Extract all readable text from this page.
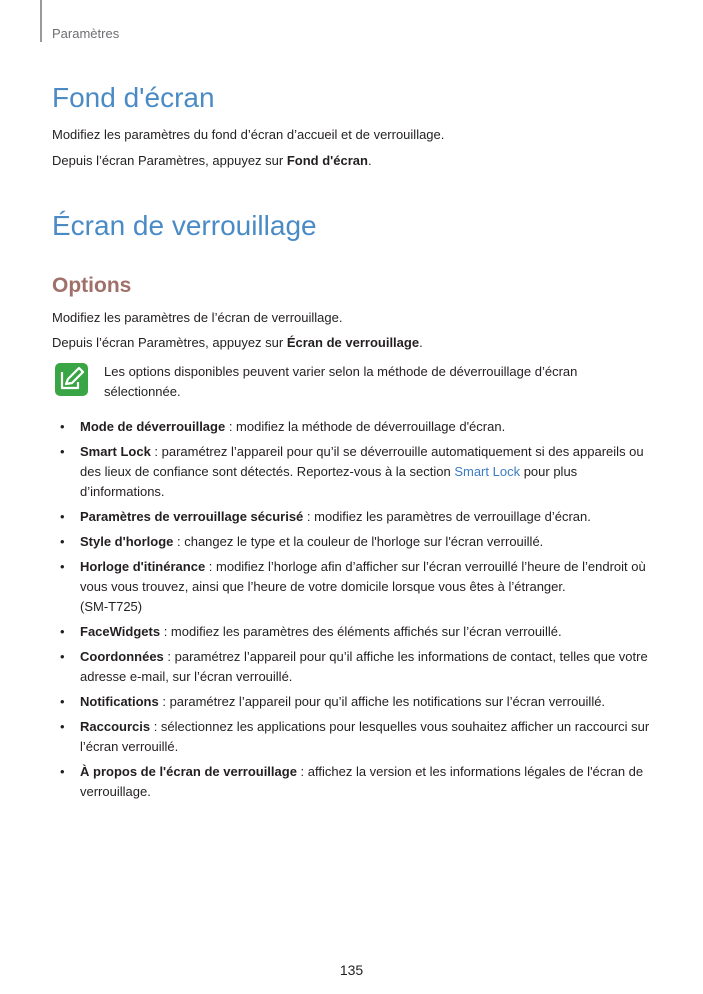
Paramètres
Fond d'écran

Modifiez les paramètres du fond d’écran d’accueil et de verrouillage.

Depuis l’écran Paramètres, appuyez sur Fond d'écran.

Écran de verrouillage
Options

Modifiez les paramètres de l’écran de verrouillage.

Depuis l’écran Paramètres, appuyez sur Écran de verrouillage.

Les options disponibles peuvent varier selon la méthode de déverrouillage d’écran sélectionnée.

• Mode de déverrouillage : modifiez la méthode de déverrouillage d'écran.
• Smart Lock : paramétrez l’appareil pour qu’il se déverrouille automatiquement si des appareils ou des lieux de confiance sont détectés. Reportez-vous à la section Smart Lock pour plus d’informations.
• Paramètres de verrouillage sécurisé : modifiez les paramètres de verrouillage d’écran.
• Style d'horloge : changez le type et la couleur de l'horloge sur l'écran verrouillé.
• Horloge d'itinérance : modifiez l’horloge afin d’afficher sur l’écran verrouillé l’heure de l’endroit où vous vous trouvez, ainsi que l’heure de votre domicile lorsque vous êtes à l’étranger.
(SM-T725)
• FaceWidgets : modifiez les paramètres des éléments affichés sur l’écran verrouillé.
• Coordonnées : paramétrez l’appareil pour qu’il affiche les informations de contact, telles que votre adresse e-mail, sur l’écran verrouillé.
• Notifications : paramétrez l’appareil pour qu’il affiche les notifications sur l’écran verrouillé.
• Raccourcis : sélectionnez les applications pour lesquelles vous souhaitez afficher un raccourci sur l’écran verrouillé.
• À propos de l'écran de verrouillage : affichez la version et les informations légales de l'écran de verrouillage.
135
